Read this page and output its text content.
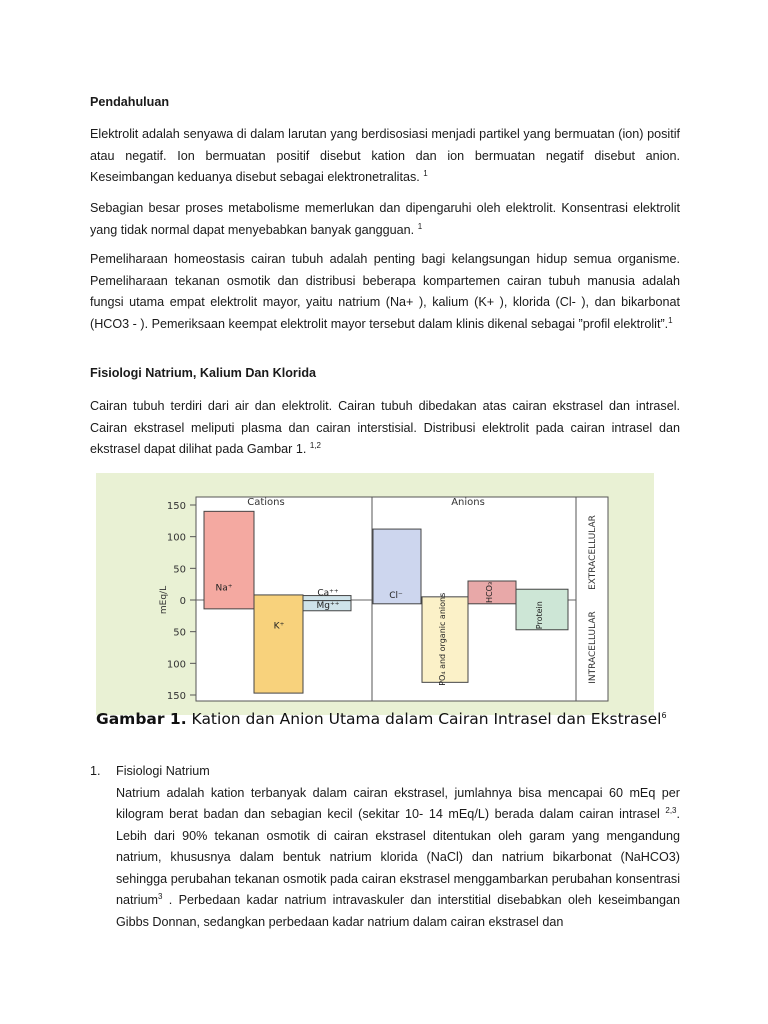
Pendahuluan

Elektrolit adalah senyawa di dalam larutan yang berdisosiasi menjadi partikel yang bermuatan (ion) positif atau negatif. Ion bermuatan positif disebut kation dan ion bermuatan negatif disebut anion. Keseimbangan keduanya disebut sebagai elektronetralitas. $^1$

Sebagian besar proses metabolisme memerlukan dan dipengaruhi oleh elektrolit. Konsentrasi elektrolit yang tidak normal dapat menyebabkan banyak gangguan. $^1$

Pemeliharaan homeostasis cairan tubuh adalah penting bagi kelangsungan hidup semua organisme. Pemeliharaan tekanan osmotik dan distribusi beberapa kompartemen cairan tubuh manusia adalah fungsi utama empat elektrolit mayor, yaitu natrium (Na+ ), kalium (K+ ), klorida (Cl- ), dan bikarbonat (HCO3 - ). Pemeriksaan keempat elektrolit mayor tersebut dalam klinis dikenal sebagai ”profil elektrolit”.$^1$

Fisiologi Natrium, Kalium Dan Klorida

Cairan tubuh terdiri dari air dan elektrolit. Cairan tubuh dibedakan atas cairan ekstrasel dan intrasel. Cairan ekstrasel meliputi plasma dan cairan interstisial. Distribusi elektrolit pada cairan intrasel dan ekstrasel dapat dilihat pada Gambar 1. $^{1,2}$

150
100
50
0
50
100
150
mEq/L
Cations	Anions
EXTRACELLULAR
INTRACELLULAR
Na⁺
K⁺
Ca⁺⁺
Mg⁺⁺
Cl⁻	PO₄ and organic anions
HCO₃
Protein

Gambar 1. Kation dan Anion Utama dalam Cairan Intrasel dan Ekstrasel$^6$

1. Fisiologi Natrium

Natrium adalah kation terbanyak dalam cairan ekstrasel, jumlahnya bisa mencapai 60 mEq per kilogram berat badan dan sebagian kecil (sekitar 10- 14 mEq/L) berada dalam cairan intrasel $^{2,3}$. Lebih dari 90% tekanan osmotik di cairan ekstrasel ditentukan oleh garam yang mengandung natrium, khususnya dalam bentuk natrium klorida (NaCl) dan natrium bikarbonat (NaHCO3) sehingga perubahan tekanan osmotik pada cairan ekstrasel menggambarkan perubahan konsentrasi natrium$^3$ . Perbedaan kadar natrium intravaskuler dan interstitial disebabkan oleh keseimbangan Gibbs Donnan, sedangkan perbedaan kadar natrium dalam cairan ekstrasel dan
